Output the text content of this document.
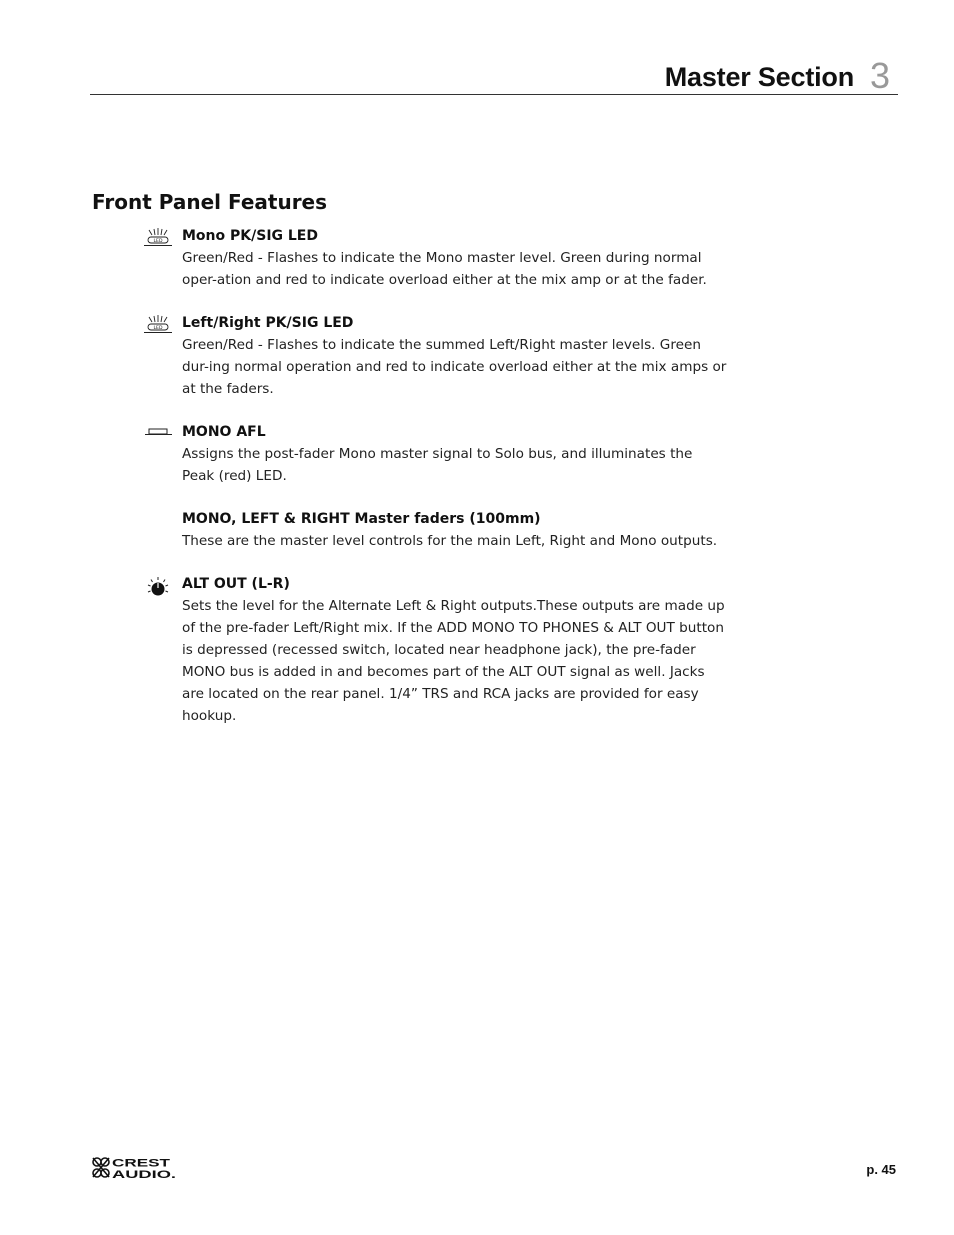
Master Section 3
Front Panel Features
LED Mono PK/SIG LED

Green/Red - Flashes to indicate the Mono master level. Green during normal oper-ation and red to indicate overload either at the mix amp or at the fader.

LED Left/Right PK/SIG LED

Green/Red - Flashes to indicate the summed Left/Right master levels. Green dur-ing normal operation and red to indicate overload either at the mix amps or at the faders.

MONO AFL

Assigns the post-fader Mono master signal to Solo bus, and illuminates the Peak (red) LED.

MONO, LEFT & RIGHT Master faders (100mm)

These are the master level controls for the main Left, Right and Mono outputs.

ALT OUT (L-R)

Sets the level for the Alternate Left & Right outputs.These outputs are made up of the pre-fader Left/Right mix. If the ADD MONO TO PHONES & ALT OUT button is depressed (recessed switch, located near headphone jack), the pre-fader MONO bus is added in and becomes part of the ALT OUT signal as well. Jacks are located on the rear panel. 1/4” TRS and RCA jacks are provided for easy hookup.

CREST
AUDIO.	p. 45
